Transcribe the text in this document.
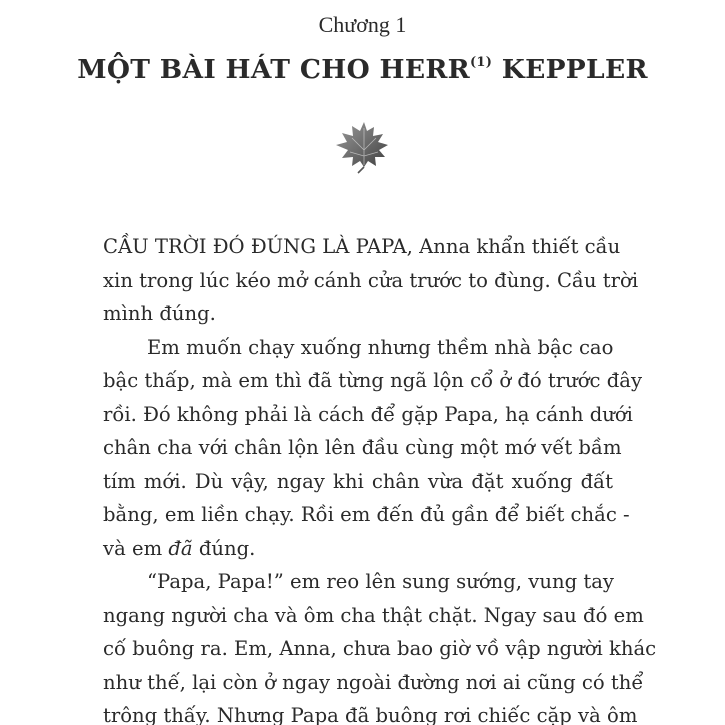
Chương 1
MỘT BÀI HÁT CHO HERR$^{(1)}$ KEPPLER
CẦU TRỜI ĐÓ ĐÚNG LÀ PAPA, Anna khẩn thiết cầu
xin trong lúc kéo mở cánh cửa trước to đùng. Cầu trời
mình đúng.
Em muốn chạy xuống nhưng thềm nhà bậc cao
bậc thấp, mà em thì đã từng ngã lộn cổ ở đó trước đây
rồi. Đó không phải là cách để gặp Papa, hạ cánh dưới
chân cha với chân lộn lên đầu cùng một mớ vết bầm
tím mới. Dù vậy, ngay khi chân vừa đặt xuống đất
bằng, em liền chạy. Rồi em đến đủ gần để biết chắc -
và em đã đúng.
“Papa, Papa!” em reo lên sung sướng, vung tay
ngang người cha và ôm cha thật chặt. Ngay sau đó em
cố buông ra. Em, Anna, chưa bao giờ vồ vập người khác
như thế, lại còn ở ngay ngoài đường nơi ai cũng có thể
trông thấy. Nhưng Papa đã buông rơi chiếc cặp và ôm
